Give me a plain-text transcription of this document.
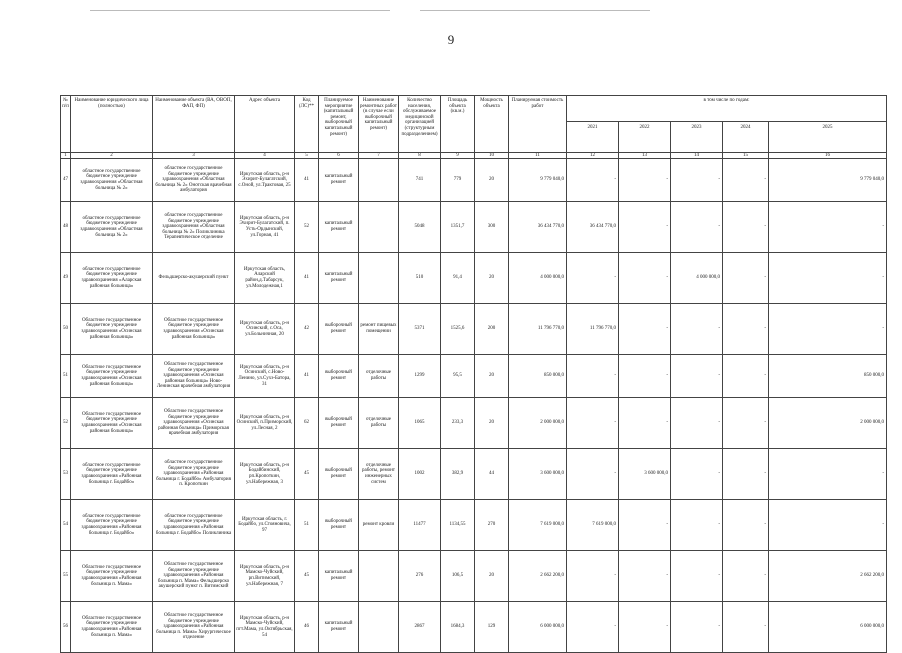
9
№ п/п	Наименование юридического лица (полностью)	Наименование объекта (ВА, ОВОП, ФАП, ФП)	Адрес объекта	Код (ЛС)**	Планируемое мероприятие (капитальный ремонт, выборочный капитальный ремонт)	Наименование ремонтных работ (в случае если выборочный капитальный ремонт)	Количество населения, обслуживаемое медицинской организацией (структурным подразделением)	Площадь объекта (кв.м.)	Мощность объекта	Планируемая стоимость работ	в том числе по годам:				
											2021	2022	2023	2024	2025
1	2	3	4	5	6	7	8	9	10	11	12	13	14	15	16
47	областное государственное бюджетное учреждение здравоохранения «Областная больница № 2»	областное государственное бюджетное учреждение здравоохранения «Областная больница № 2» Онотская врачебная амбулатория	Иркутская область, р-н Эхирит-Булагатский, с.Оной, ул.Трактовая, 25	41	капитальный ремонт		741	779	20	9 779 040,0	-	-	-	-	9 779 040,0
48	областное государственное бюджетное учреждение здравоохранения «Областная больница № 2»	областное государственное бюджетное учреждение здравоохранения «Областная больница № 2» Поликлиника Терапевтическое отделение	Иркутская область, р-н Эхирит-Булагатский, п. Усть-Ордынский, ул.Горная, 41	52	капитальный ремонт		5048	1351,7	300	36 434 770,0	36 434 770,0	-	-	-	-
49	областное государственное бюджетное учреждение здравоохранения «Аларская районная больница»	Фельдшерско-акушерский пункт	Иркутская область, Аларский район,д.Табарсук, ул.Молодежная,1	41	капитальный ремонт		510	91,4	20	4 000 000,0	-	-	4 000 000,0	-	-
50	Областное государственное бюджетное учреждение здравоохранения «Осинская районная больница»	Областное государственное бюджетное учреждение здравоохранения «Осинская районная больница»	Иркутская область, р-н Осинский, с.Оса, ул.Больничная, 20	42	выборочный ремонт	ремонт пищевых помещении	5371	1525,6	200	11 796 770,0	11 796 770,0	-	-	-	-
51	Областное государственное бюджетное учреждение здравоохранения «Осинская районная больница»	Областное государственное бюджетное учреждение здравоохранения «Осинская районная больница» Ново-Ленинская врачебная амбулатория	Иркутская область, р-н Осинский, с.Ново-Ленино, ул.Сухэ-Батора, 31	41	выборочный ремонт	отделочные работы	1299	95,5	20	850 000,0	-	-	-	-	850 000,0
52	Областное государственное бюджетное учреждение здравоохранения «Осинская районная больница»	Областное государственное бюджетное учреждение здравоохранения «Осинская районная больница» Приморская врачебная амбулатория	Иркутская область, р-н Осинский, п.Приморский, ул.Лесная, 2	62	выборочный ремонт	отделочные работы	1065	233,3	20	2 000 000,0	-	-	-	-	2 000 000,0
53	областное государственное бюджетное учреждение здравоохранения «Районная больница г. Бодайбо»	областное государственное бюджетное учреждение здравоохранения «Районная больница г. Бодайбо» Амбулатория п. Кропоткин	Иркутская область, р-н Бодайбинский, рп.Кропоткин, ул.Набережная, 3	45	выборочный ремонт	отделочные работы, ремонт инженерных систем	1002	382,9	44	3 600 000,0	-	3 600 000,0	-	-	-
54	областное государственное бюджетное учреждение здравоохранения «Районная больница г. Бодайбо»	областное государственное бюджетное учреждение здравоохранения «Районная больница г. Бодайбо» Поликлиника	Иркутская область, г. Бодайбо, ул.Стояновича, 97	51	выборочный ремонт	ремонт кровли	11477	1134,55	270	7 619 000,0	7 619 000,0	-	-	-	-
55	Областное государственное бюджетное учреждение здравоохранения «Районная больница п. Мама»	Областное государственное бюджетное учреждение здравоохранения «Районная больница п. Мама» Фельдшерско акушерский пункт п. Витимский	Иркутская область, р-н Мамско-Чуйский, рп.Витимский, ул.Набережная, 7	45	капитальный ремонт		276	106,5	20	2 662 200,0	-	-	-	-	2 662 200,0
56	Областное государственное бюджетное учреждение здравоохранения «Районная больница п. Мама»	Областное государственное бюджетное учреждение здравоохранения «Районная больница п. Мама» Хирургическое отделение	Иркутская область, р-н Мамско-Чуйский, пгт.Мама, ул.Октябрьская, 54	46	капитальный ремонт		2867	1684,3	129	6 000 000,0	-	-	-	-	6 000 000,0
